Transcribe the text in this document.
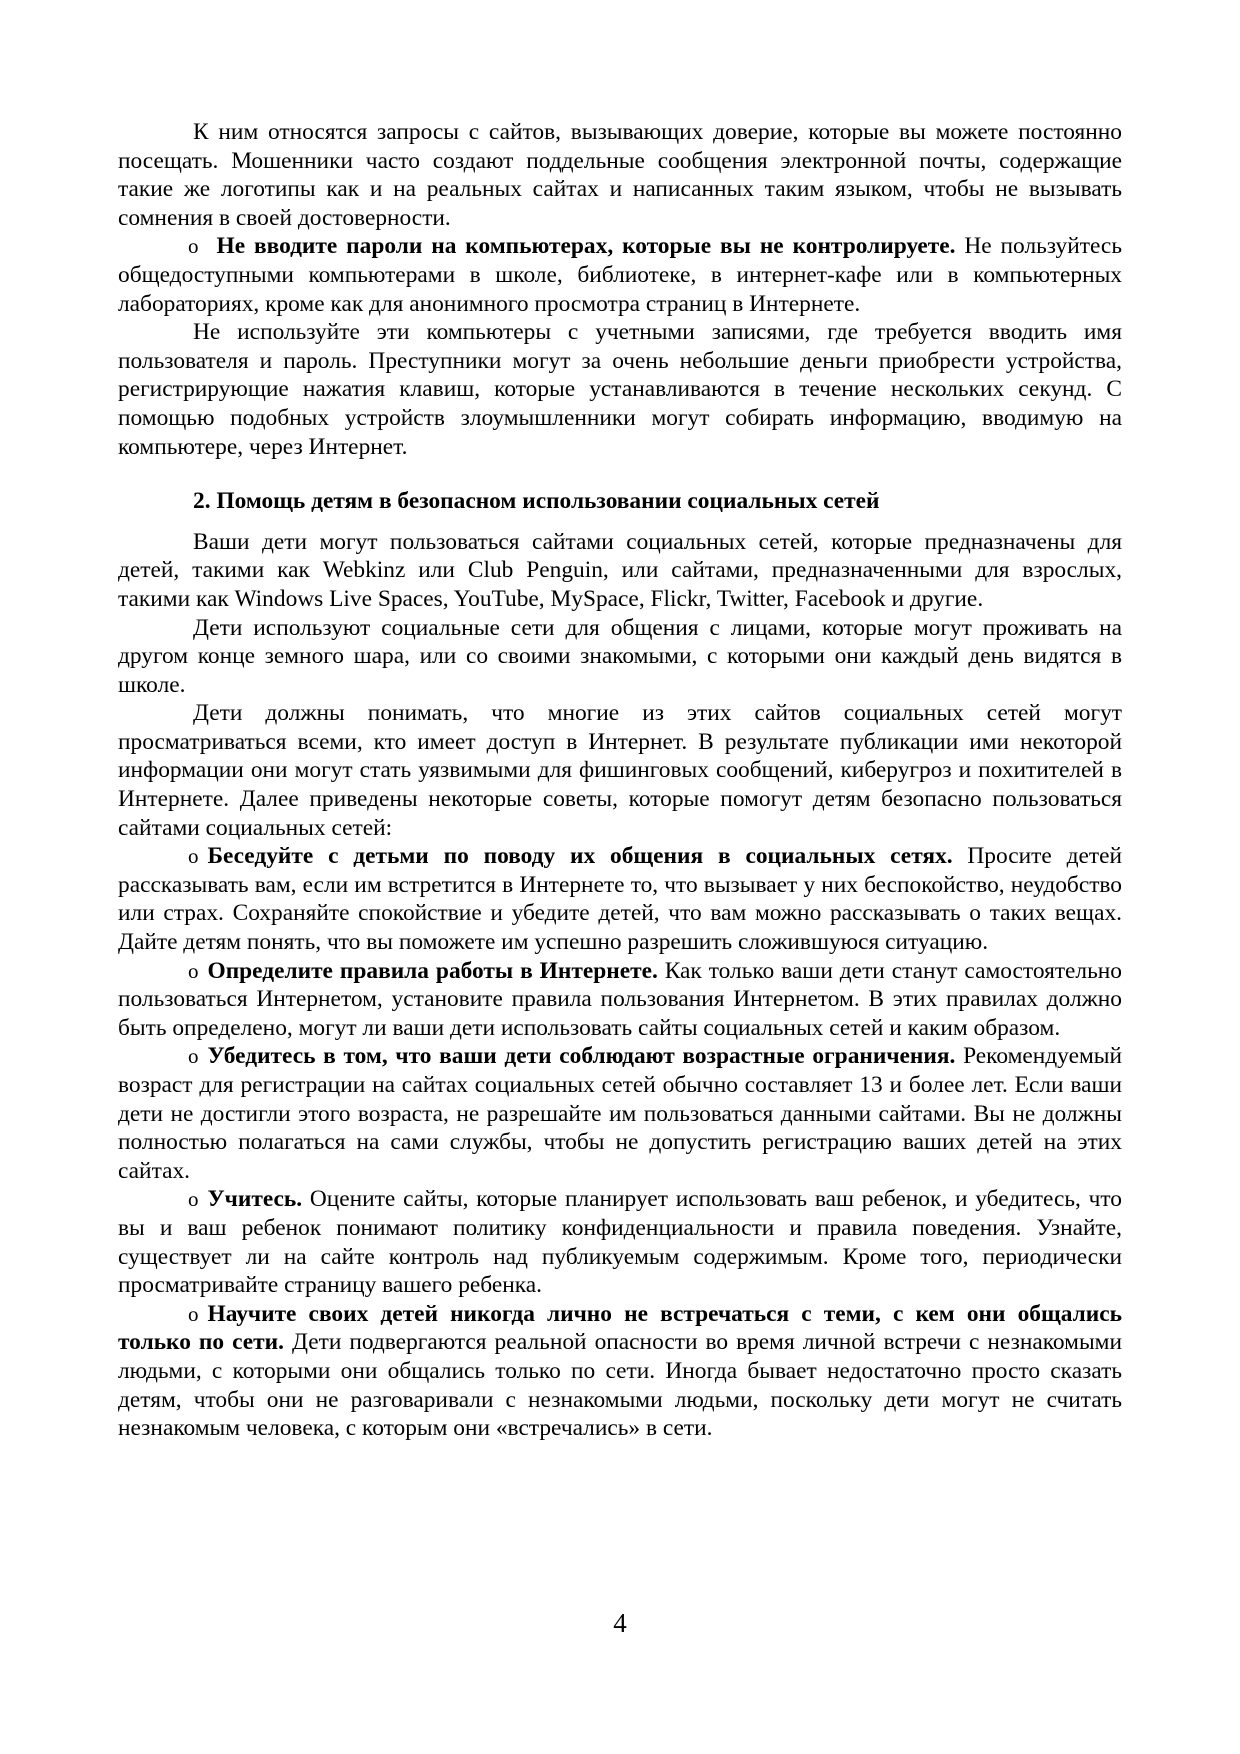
К ним относятся запросы с сайтов, вызывающих доверие, которые вы можете постоянно посещать. Мошенники часто создают поддельные сообщения электронной почты, содержащие такие же логотипы как и на реальных сайтах и написанных таким языком, чтобы не вызывать сомнения в своей достоверности.

o Не вводите пароли на компьютерах, которые вы не контролируете. Не пользуйтесь общедоступными компьютерами в школе, библиотеке, в интернет-кафе или в компьютерных лабораториях, кроме как для анонимного просмотра страниц в Интернете.

Не используйте эти компьютеры с учетными записями, где требуется вводить имя пользователя и пароль. Преступники могут за очень небольшие деньги приобрести устройства, регистрирующие нажатия клавиш, которые устанавливаются в течение нескольких секунд. С помощью подобных устройств злоумышленники могут собирать информацию, вводимую на компьютере, через Интернет.

2. Помощь детям в безопасном использовании социальных сетей

Ваши дети могут пользоваться сайтами социальных сетей, которые предназначены для детей, такими как Webkinz или Club Penguin, или сайтами, предназначенными для взрослых, такими как Windows Live Spaces, YouTube, MySpace, Flickr, Twitter, Facebook и другие.

Дети используют социальные сети для общения с лицами, которые могут проживать на другом конце земного шара, или со своими знакомыми, с которыми они каждый день видятся в школе.

Дети должны понимать, что многие из этих сайтов социальных сетей могут просматриваться всеми, кто имеет доступ в Интернет. В результате публикации ими некоторой информации они могут стать уязвимыми для фишинговых сообщений, киберугроз и похитителей в Интернете. Далее приведены некоторые советы, которые помогут детям безопасно пользоваться сайтами социальных сетей:

o Беседуйте с детьми по поводу их общения в социальных сетях. Просите детей рассказывать вам, если им встретится в Интернете то, что вызывает у них беспокойство, неудобство или страх. Сохраняйте спокойствие и убедите детей, что вам можно рассказывать о таких вещах. Дайте детям понять, что вы поможете им успешно разрешить сложившуюся ситуацию.

o Определите правила работы в Интернете. Как только ваши дети станут самостоятельно пользоваться Интернетом, установите правила пользования Интернетом. В этих правилах должно быть определено, могут ли ваши дети использовать сайты социальных сетей и каким образом.

o Убедитесь в том, что ваши дети соблюдают возрастные ограничения. Рекомендуемый возраст для регистрации на сайтах социальных сетей обычно составляет 13 и более лет. Если ваши дети не достигли этого возраста, не разрешайте им пользоваться данными сайтами. Вы не должны полностью полагаться на сами службы, чтобы не допустить регистрацию ваших детей на этих сайтах.

o Учитесь. Оцените сайты, которые планирует использовать ваш ребенок, и убедитесь, что вы и ваш ребенок понимают политику конфиденциальности и правила поведения. Узнайте, существует ли на сайте контроль над публикуемым содержимым. Кроме того, периодически просматривайте страницу вашего ребенка.

o Научите своих детей никогда лично не встречаться с теми, с кем они общались только по сети. Дети подвергаются реальной опасности во время личной встречи с незнакомыми людьми, с которыми они общались только по сети. Иногда бывает недостаточно просто сказать детям, чтобы они не разговаривали с незнакомыми людьми, поскольку дети могут не считать незнакомым человека, с которым они «встречались» в сети.

4
